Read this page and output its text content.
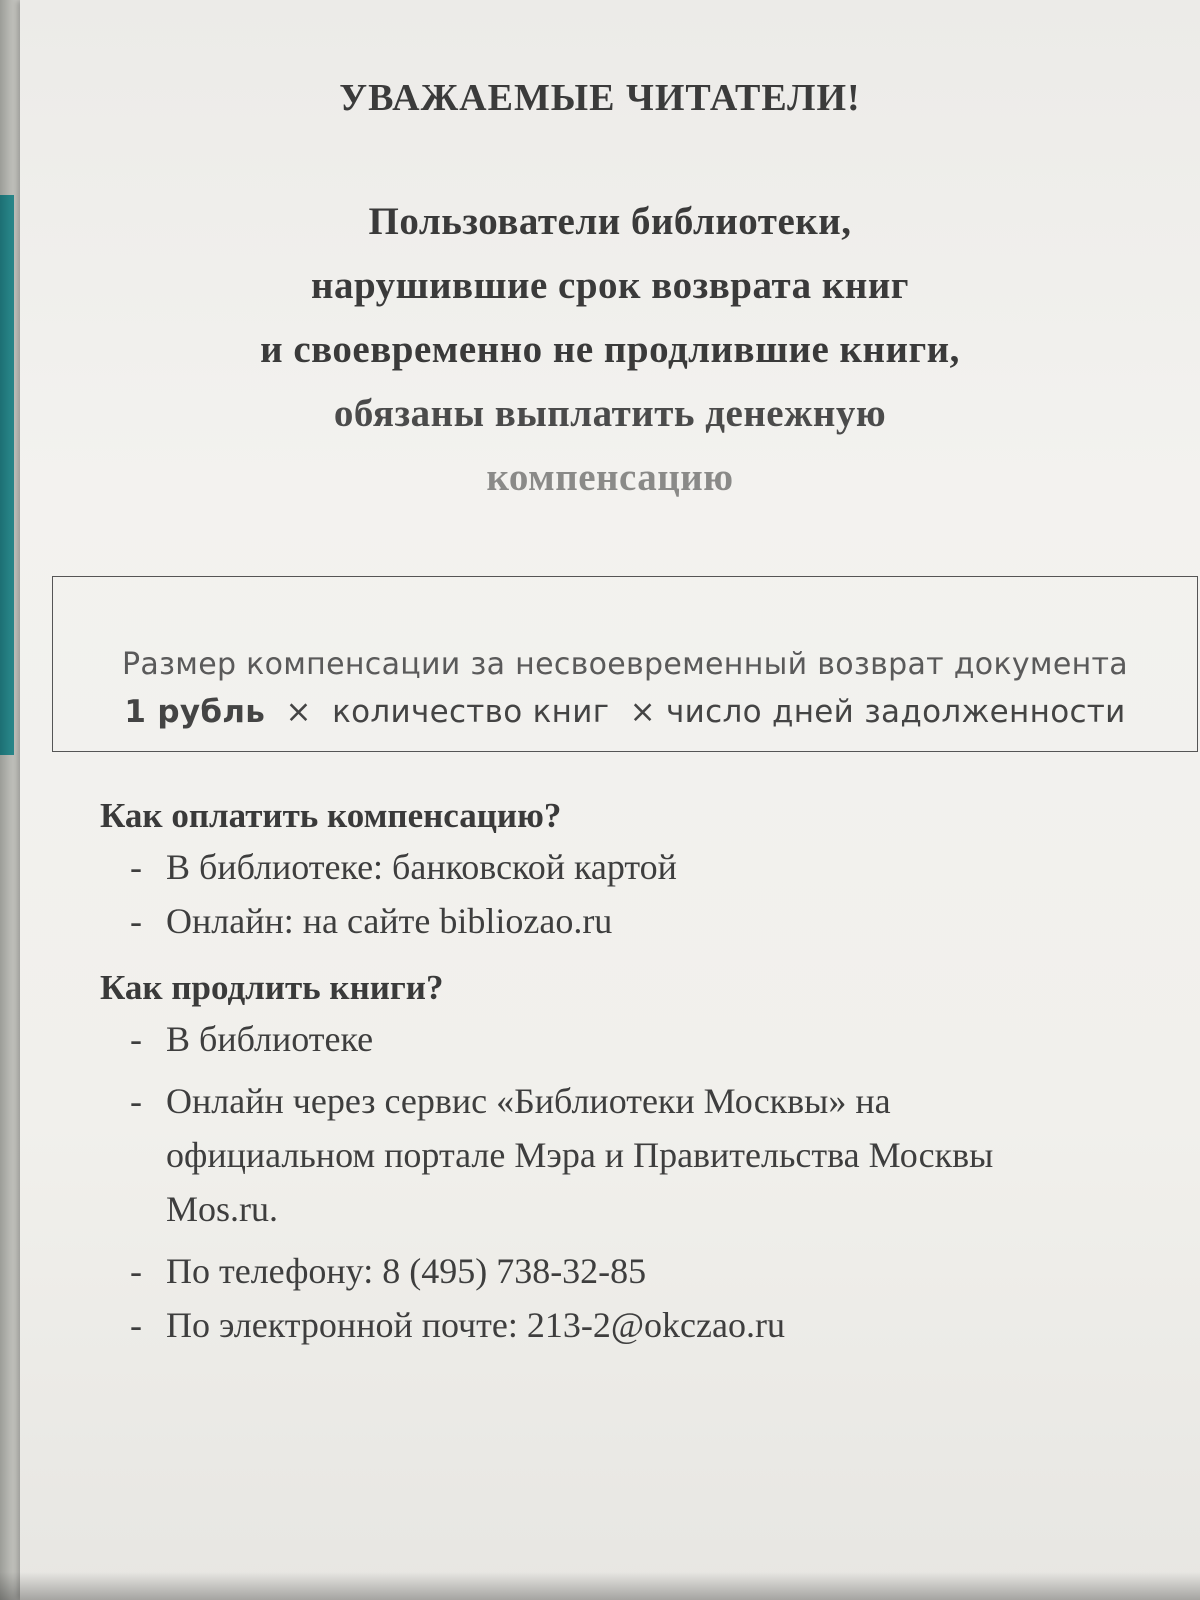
УВАЖАЕМЫЕ ЧИТАТЕЛИ!

Пользователи библиотеки,
нарушившие срок возврата книг
и своевременно не продлившие книги,
обязаны выплатить денежную
компенсацию

Размер компенсации за несвоевременный возврат документа
1 рубль × количество книг × число дней задолженности

Как оплатить компенсацию?

- В библиотеке: банковской картой
- Онлайн: на сайте bibliozao.ru

Как продлить книги?

- В библиотеке
- Онлайн через сервис «Библиотеки Москвы» на официальном портале Мэра и Правительства Москвы Mos.ru.
- По телефону: 8 (495) 738-32-85
- По электронной почте: 213-2@okczao.ru
